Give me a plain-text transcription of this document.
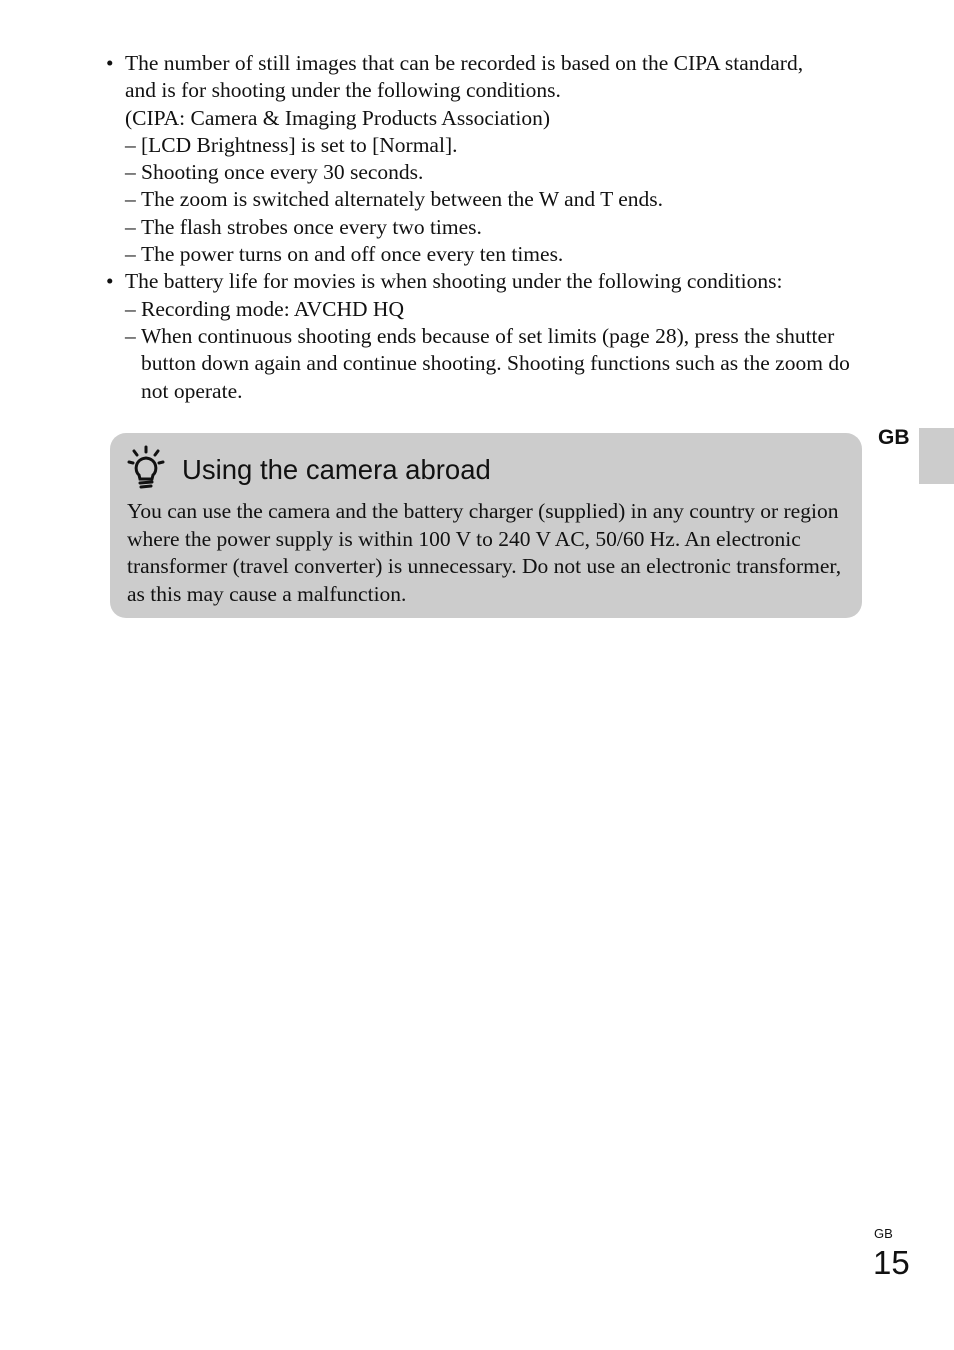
• The number of still images that can be recorded is based on the CIPA standard,
and is for shooting under the following conditions.
(CIPA: Camera & Imaging Products Association)
– [LCD Brightness] is set to [Normal].
– Shooting once every 30 seconds.
– The zoom is switched alternately between the W and T ends.
– The flash strobes once every two times.
– The power turns on and off once every ten times.
• The battery life for movies is when shooting under the following conditions:
– Recording mode: AVCHD HQ
– When continuous shooting ends because of set limits (page 28), press the shutter button down again and continue shooting. Shooting functions such as the zoom do not operate.
Using the camera abroad
You can use the camera and the battery charger (supplied) in any country or region where the power supply is within 100 V to 240 V AC, 50/60 Hz. An electronic transformer (travel converter) is unnecessary. Do not use an electronic transformer, as this may cause a malfunction.
GB
GB
15
